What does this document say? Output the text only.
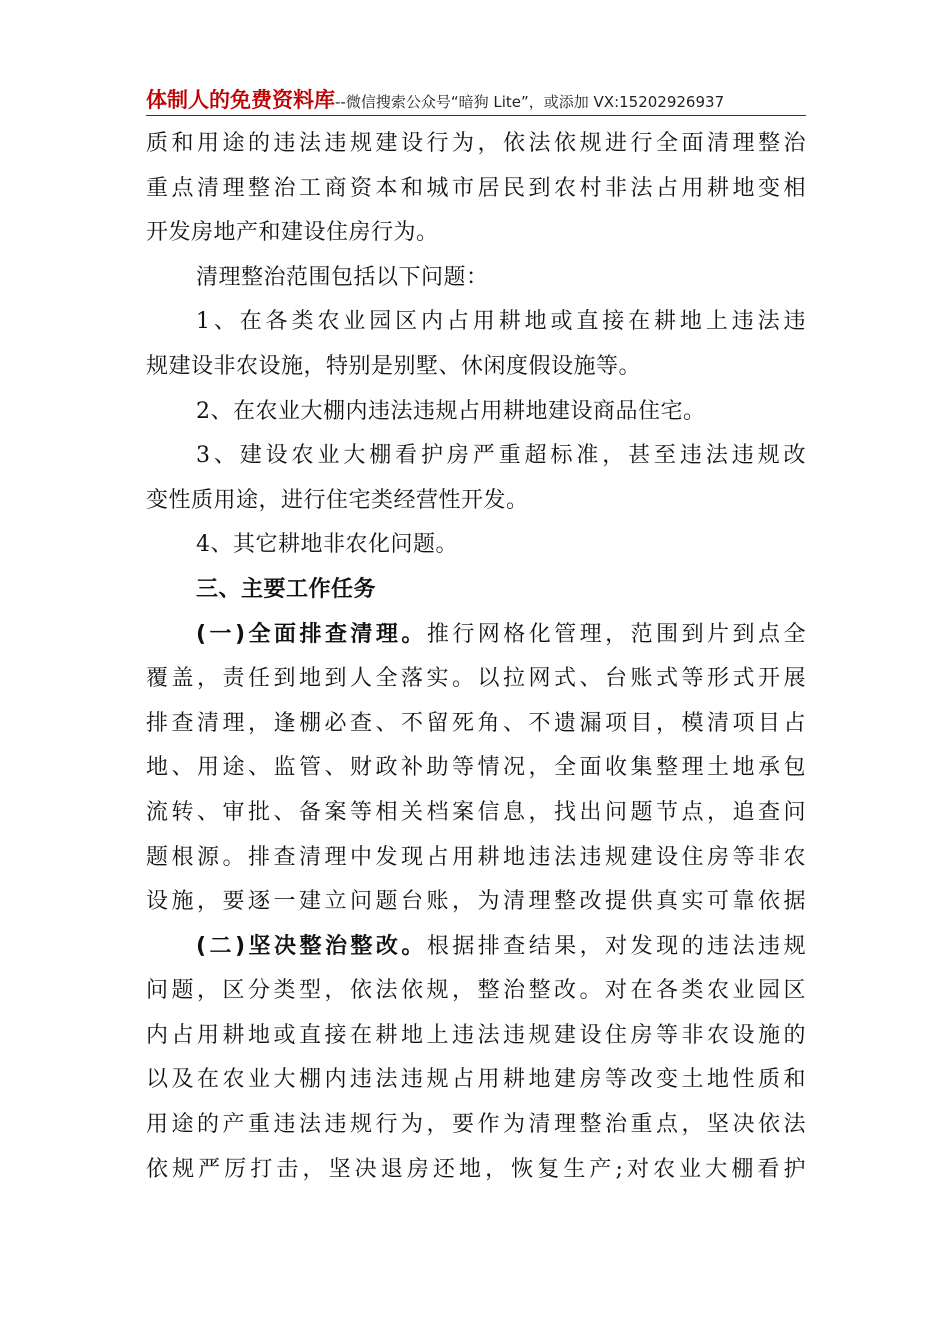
体制人的免费资料库--微信搜索公众号“暗狗 Lite”，或添加 VX:15202926937
质和用途的违法违规建设行为，依法依规进行全面清理整治
重点清理整治工商资本和城市居民到农村非法占用耕地变相
开发房地产和建设住房行为。
清理整治范围包括以下问题：
1、在各类农业园区内占用耕地或直接在耕地上违法违
规建设非农设施，特别是别墅、休闲度假设施等。
2、在农业大棚内违法违规占用耕地建设商品住宅。
3、建设农业大棚看护房严重超标准，甚至违法违规改
变性质用途，进行住宅类经营性开发。
4、其它耕地非农化问题。
三、主要工作任务
(一)全面排查清理。推行网格化管理，范围到片到点全
覆盖，责任到地到人全落实。以拉网式、台账式等形式开展
排查清理，逢棚必查、不留死角、不遗漏项目，模清项目占
地、用途、监管、财政补助等情况，全面收集整理土地承包
流转、审批、备案等相关档案信息，找出问题节点，追查问
题根源。排查清理中发现占用耕地违法违规建设住房等非农
设施，要逐一建立问题台账，为清理整改提供真实可靠依据
(二)坚决整治整改。根据排查结果，对发现的违法违规
问题，区分类型，依法依规，整治整改。对在各类农业园区
内占用耕地或直接在耕地上违法违规建设住房等非农设施的
以及在农业大棚内违法违规占用耕地建房等改变土地性质和
用途的产重违法违规行为，要作为清理整治重点，坚决依法
依规严厉打击，坚决退房还地，恢复生产;对农业大棚看护
